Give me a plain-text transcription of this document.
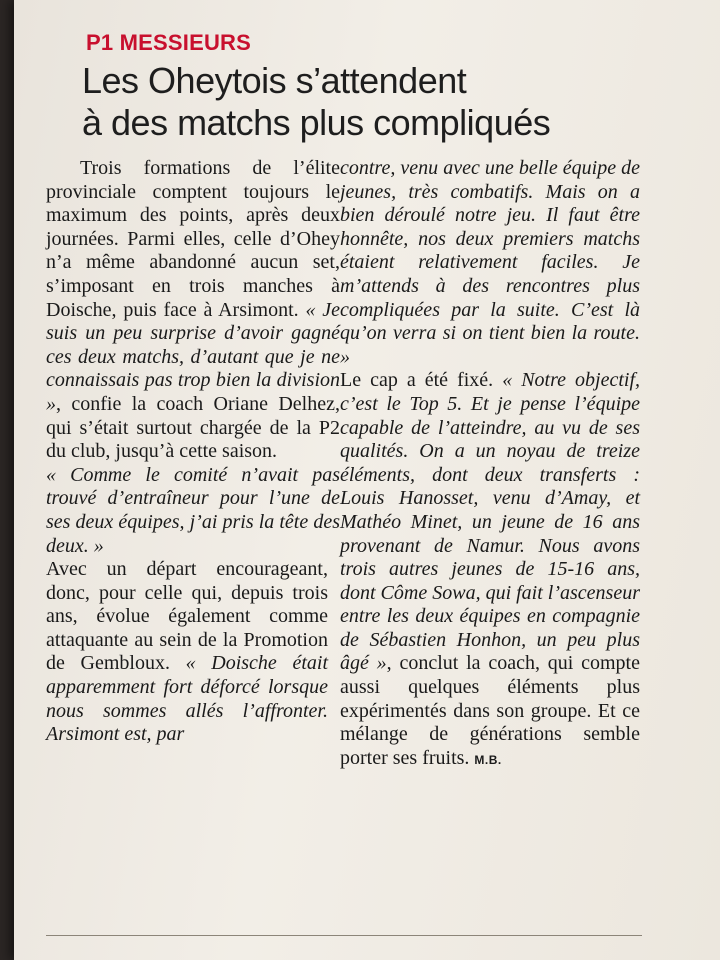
P1 MESSIEURS
Les Oheytois s’attendent
à des matchs plus compliqués

Trois formations de l’élite provinciale comptent toujours le maximum des points, après deux journées. Parmi elles, celle d’Ohey n’a même abandonné aucun set, s’imposant en trois manches à Doische, puis face à Arsimont. « Je suis un peu surprise d’avoir gagné ces deux matchs, d’autant que je ne connaissais pas trop bien la division », confie la coach Oriane Delhez, qui s’était surtout chargée de la P2 du club, jusqu’à cette saison.

« Comme le comité n’avait pas trouvé d’entraîneur pour l’une de ses deux équipes, j’ai pris la tête des deux. »

Avec un départ encourageant, donc, pour celle qui, depuis trois ans, évolue également comme attaquante au sein de la Promotion de Gembloux. « Doische était apparemment fort déforcé lorsque nous sommes allés l’affronter. Arsimont est, par

contre, venu avec une belle équipe de jeunes, très combatifs. Mais on a bien déroulé notre jeu. Il faut être honnête, nos deux premiers matchs étaient relativement faciles. Je m’attends à des rencontres plus compliquées par la suite. C’est là qu’on verra si on tient bien la route. »

Le cap a été fixé. « Notre objectif, c’est le Top 5. Et je pense l’équipe capable de l’atteindre, au vu de ses qualités. On a un noyau de treize éléments, dont deux transferts : Louis Hanosset, venu d’Amay, et Mathéo Minet, un jeune de 16 ans provenant de Namur. Nous avons trois autres jeunes de 15-16 ans, dont Côme Sowa, qui fait l’ascenseur entre les deux équipes en compagnie de Sébastien Honhon, un peu plus âgé », conclut la coach, qui compte aussi quelques éléments plus expérimentés dans son groupe. Et ce mélange de générations semble porter ses fruits. M.B.
